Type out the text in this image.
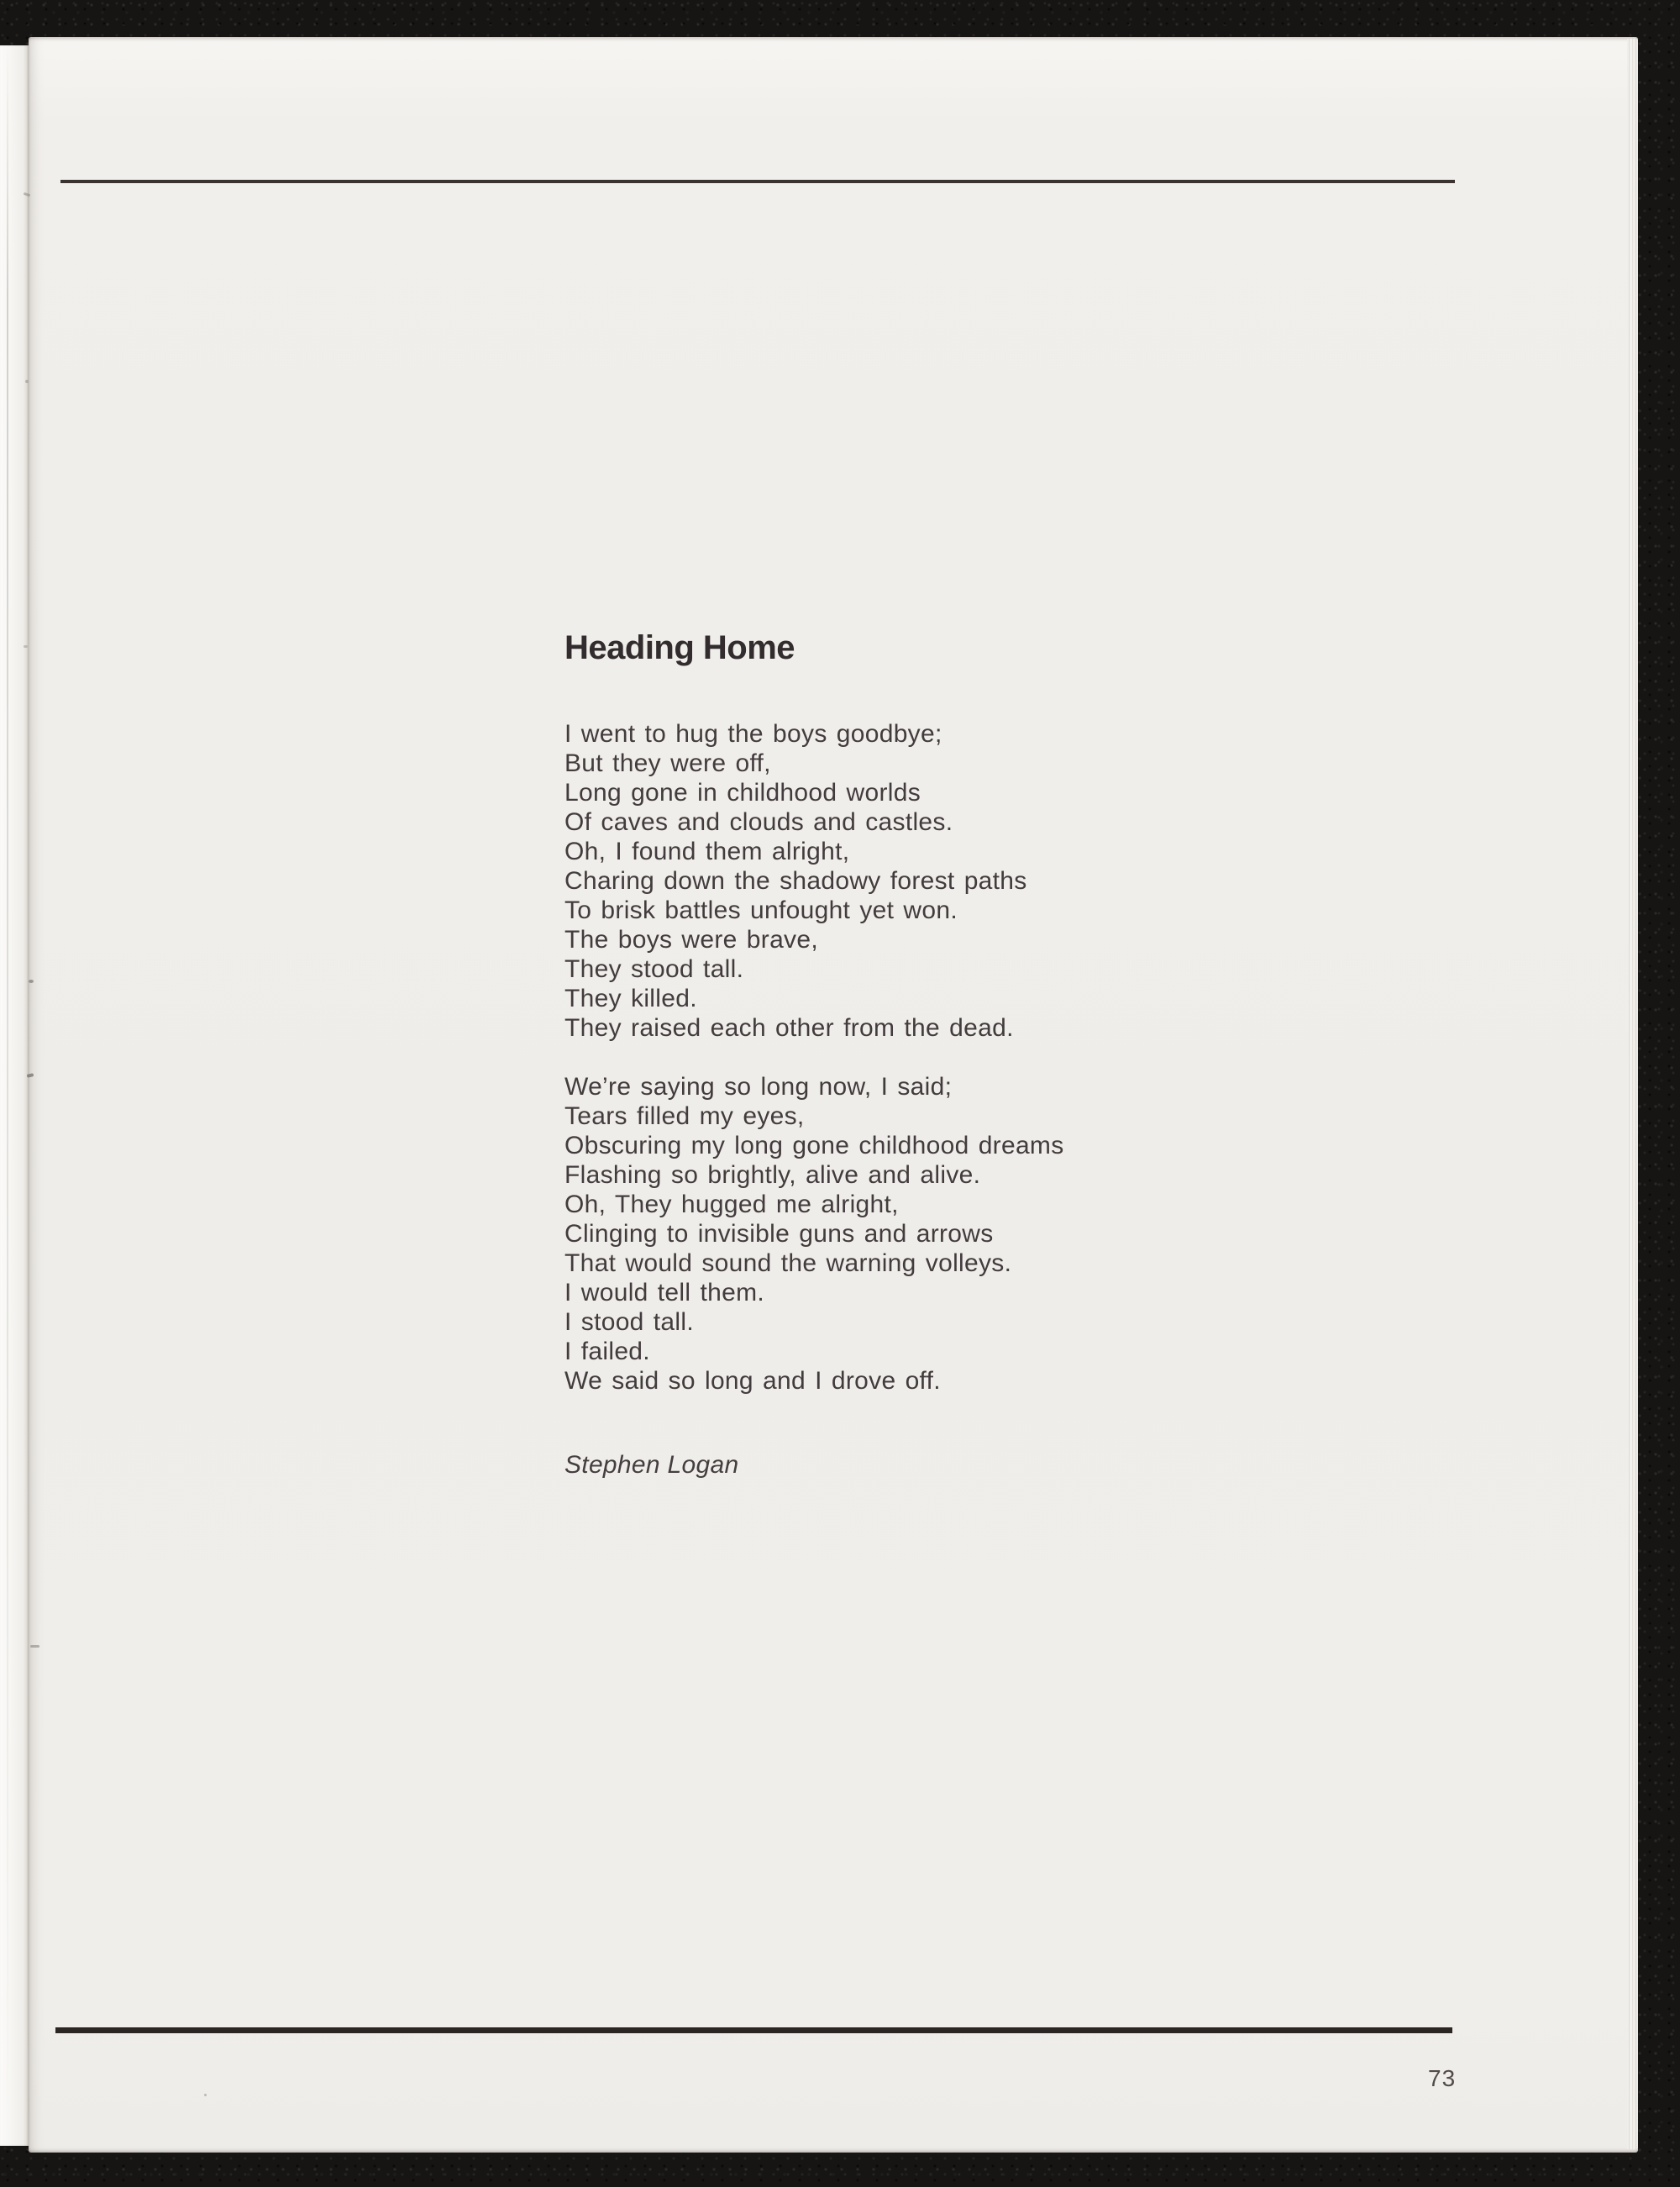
Heading Home
I went to hug the boys goodbye;
But they were off,
Long gone in childhood worlds
Of caves and clouds and castles.
Oh, I found them alright,
Charing down the shadowy forest paths
To brisk battles unfought yet won.
The boys were brave,
They stood tall.
They killed.
They raised each other from the dead.
We’re saying so long now, I said;
Tears filled my eyes,
Obscuring my long gone childhood dreams
Flashing so brightly, alive and alive.
Oh, They hugged me alright,
Clinging to invisible guns and arrows
That would sound the warning volleys.
I would tell them.
I stood tall.
I failed.
We said so long and I drove off.
Stephen Logan
73
